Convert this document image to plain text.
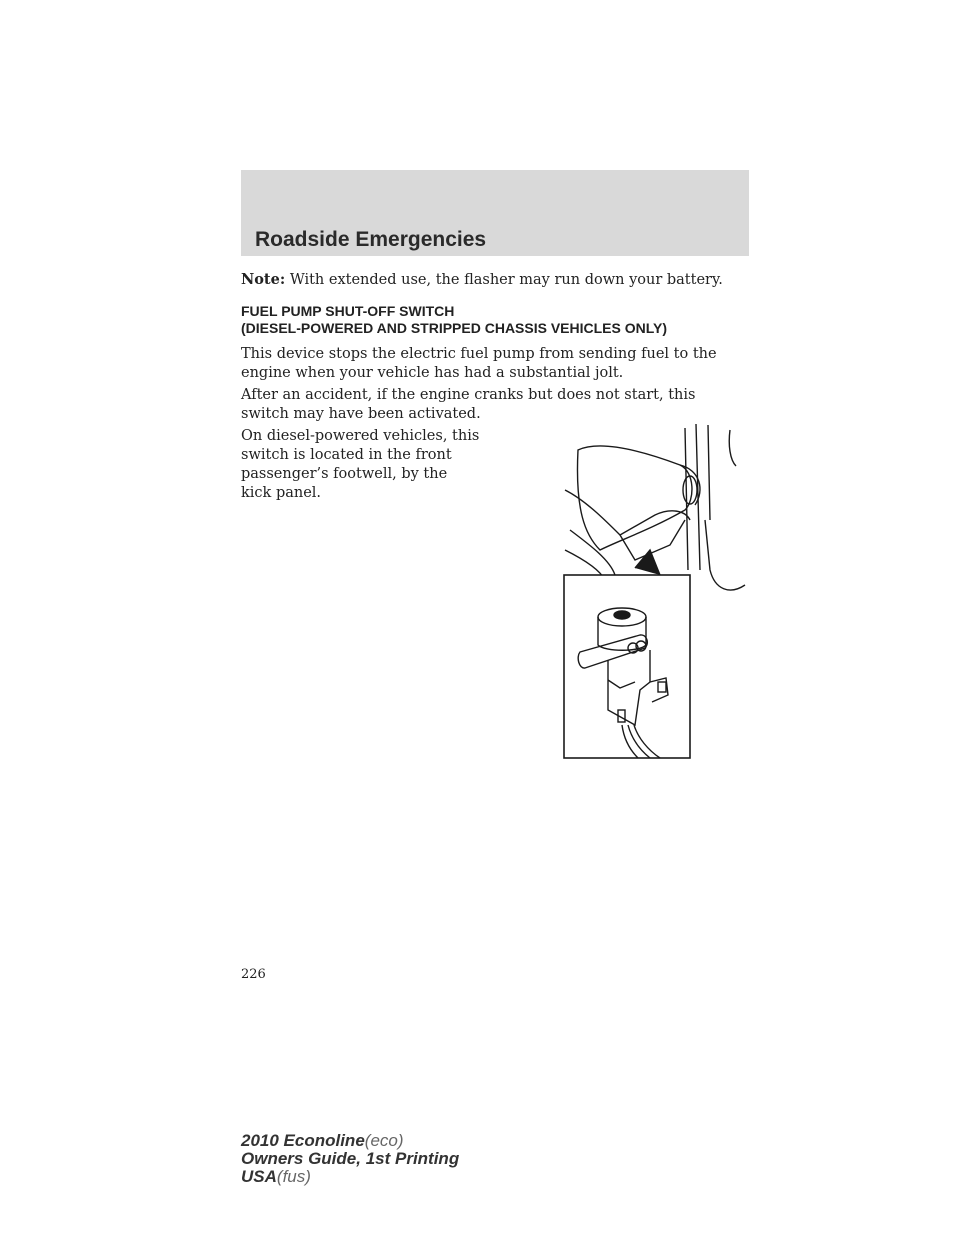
Roadside Emergencies
Note: With extended use, the flasher may run down your battery.
FUEL PUMP SHUT-OFF SWITCH
(DIESEL-POWERED AND STRIPPED CHASSIS VEHICLES ONLY)
This device stops the electric fuel pump from sending fuel to the engine when your vehicle has had a substantial jolt.
After an accident, if the engine cranks but does not start, this switch may have been activated.
On diesel-powered vehicles, this switch is located in the front passenger’s footwell, by the kick panel.
226
2010 Econoline(eco)
Owners Guide, 1st Printing
USA(fus)
